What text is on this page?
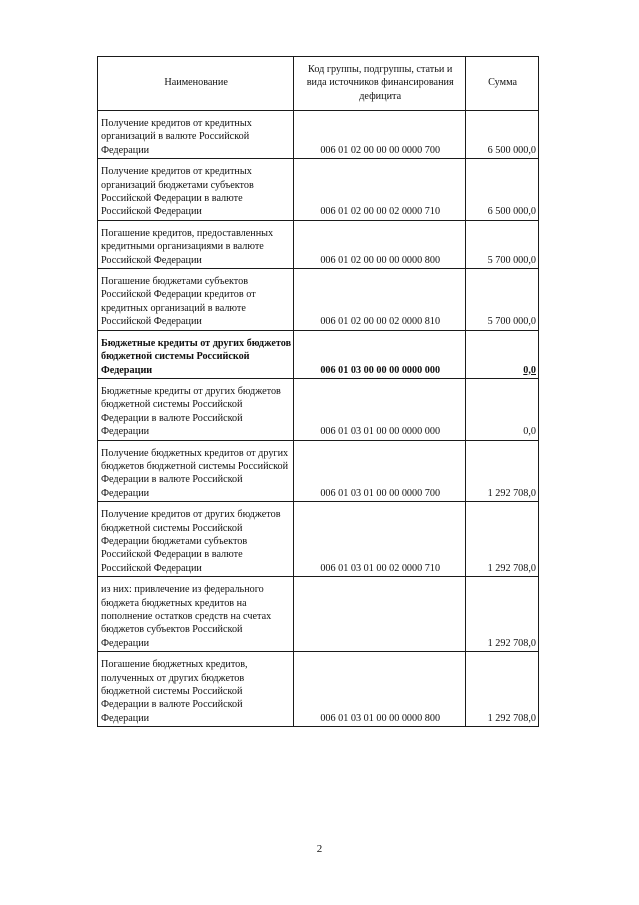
Наименование	Код группы, подгруппы, статьи и вида источников финансирования дефицита	Сумма
Получение кредитов от кредитных организаций в валюте Российской Федерации	006 01 02 00 00 00 0000 700	6 500 000,0
Получение кредитов от кредитных организаций бюджетами субъектов Российской Федерации в валюте Российской Федерации	006 01 02 00 00 02 0000 710	6 500 000,0
Погашение кредитов, предоставленных кредитными организациями в валюте Российской Федерации	006 01 02 00 00 00 0000 800	5 700 000,0
Погашение бюджетами субъектов Российской Федерации кредитов от кредитных организаций в валюте Российской Федерации	006 01 02 00 00 02 0000 810	5 700 000,0
Бюджетные кредиты от других бюджетов бюджетной системы Российской Федерации	006 01 03 00 00 00 0000 000	0,0
Бюджетные кредиты от других бюджетов бюджетной системы Российской Федерации в валюте Российской Федерации	006 01 03 01 00 00 0000 000	0,0
Получение бюджетных кредитов от других бюджетов бюджетной системы Российской Федерации в валюте Российской Федерации	006 01 03 01 00 00 0000 700	1 292 708,0
Получение кредитов от других бюджетов бюджетной системы Российской Федерации бюджетами субъектов Российской Федерации в валюте Российской Федерации	006 01 03 01 00 02 0000 710	1 292 708,0
из них: привлечение из федерального бюджета бюджетных кредитов на пополнение остатков средств на счетах бюджетов субъектов Российской Федерации		1 292 708,0
Погашение бюджетных кредитов, полученных от других бюджетов бюджетной системы Российской Федерации в валюте Российской Федерации	006 01 03 01 00 00 0000 800	1 292 708,0
2
